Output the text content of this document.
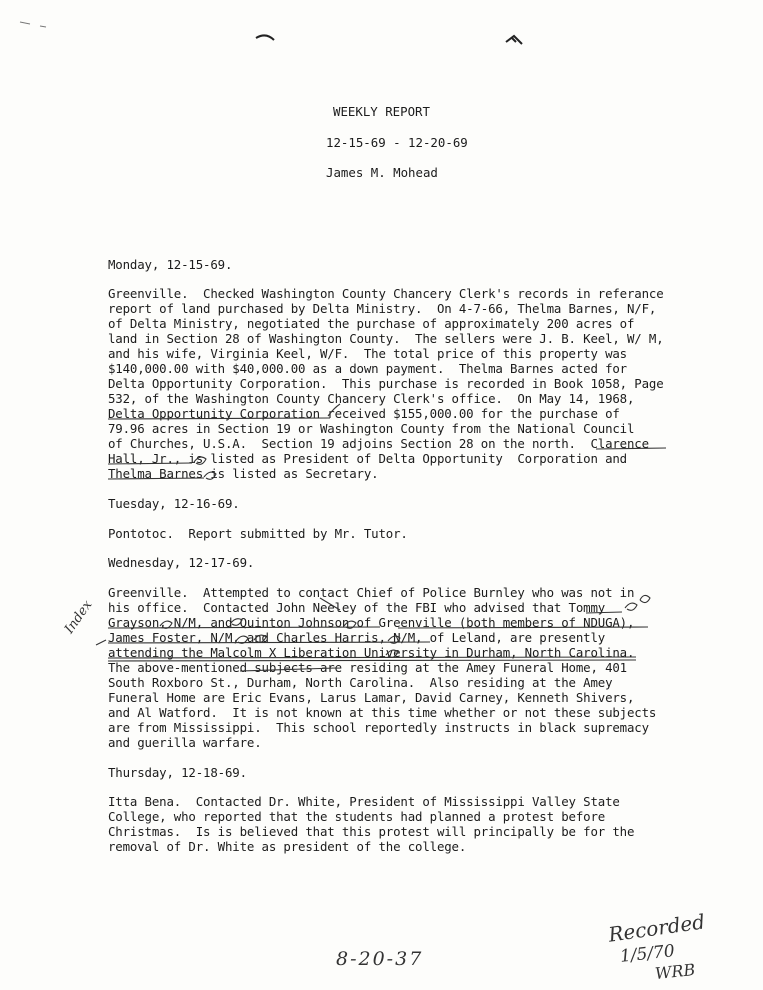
WEEKLY REPORT
12-15-69 - 12-20-69
James M. Mohead
Monday, 12-15-69.
Greenville.  Checked Washington County Chancery Clerk's records in referance
report of land purchased by Delta Ministry.  On 4-7-66, Thelma Barnes, N/F,
of Delta Ministry, negotiated the purchase of approximately 200 acres of
land in Section 28 of Washington County.  The sellers were J. B. Keel, W/ M,
and his wife, Virginia Keel, W/F.  The total price of this property was
$140,000.00 with $40,000.00 as a down payment.  Thelma Barnes acted for
Delta Opportunity Corporation.  This purchase is recorded in Book 1058, Page
532, of the Washington County Chancery Clerk's office.  On May 14, 1968,
Delta Opportunity Corporation received $155,000.00 for the purchase of
79.96 acres in Section 19 or Washington County from the National Council
of Churches, U.S.A.  Section 19 adjoins Section 28 on the north.  Clarence
Hall, Jr., is listed as President of Delta Opportunity  Corporation and
Thelma Barnes is listed as Secretary.
Tuesday, 12-16-69.
Pontotoc.  Report submitted by Mr. Tutor.
Wednesday, 12-17-69.
Greenville.  Attempted to contact Chief of Police Burnley who was not in
his office.  Contacted John Neeley of the FBI who advised that Tommy
Grayson, N/M, and Quinton Johnson of Greenville (both members of NDUGA),
James Foster, N/M, and Charles Harris, N/M, of Leland, are presently
attending the Malcolm X Liberation University in Durham, North Carolina.
The above-mentioned subjects are residing at the Amey Funeral Home, 401
South Roxboro St., Durham, North Carolina.  Also residing at the Amey
Funeral Home are Eric Evans, Larus Lamar, David Carney, Kenneth Shivers,
and Al Watford.  It is not known at this time whether or not these subjects
are from Mississippi.  This school reportedly instructs in black supremacy
and guerilla warfare.
Thursday, 12-18-69.
Itta Bena.  Contacted Dr. White, President of Mississippi Valley State
College, who reported that the students had planned a protest before
Christmas.  Is is believed that this protest will principally be for the
removal of Dr. White as president of the college.
Index
8-20-37
Recorded
1/5/70
WRB
